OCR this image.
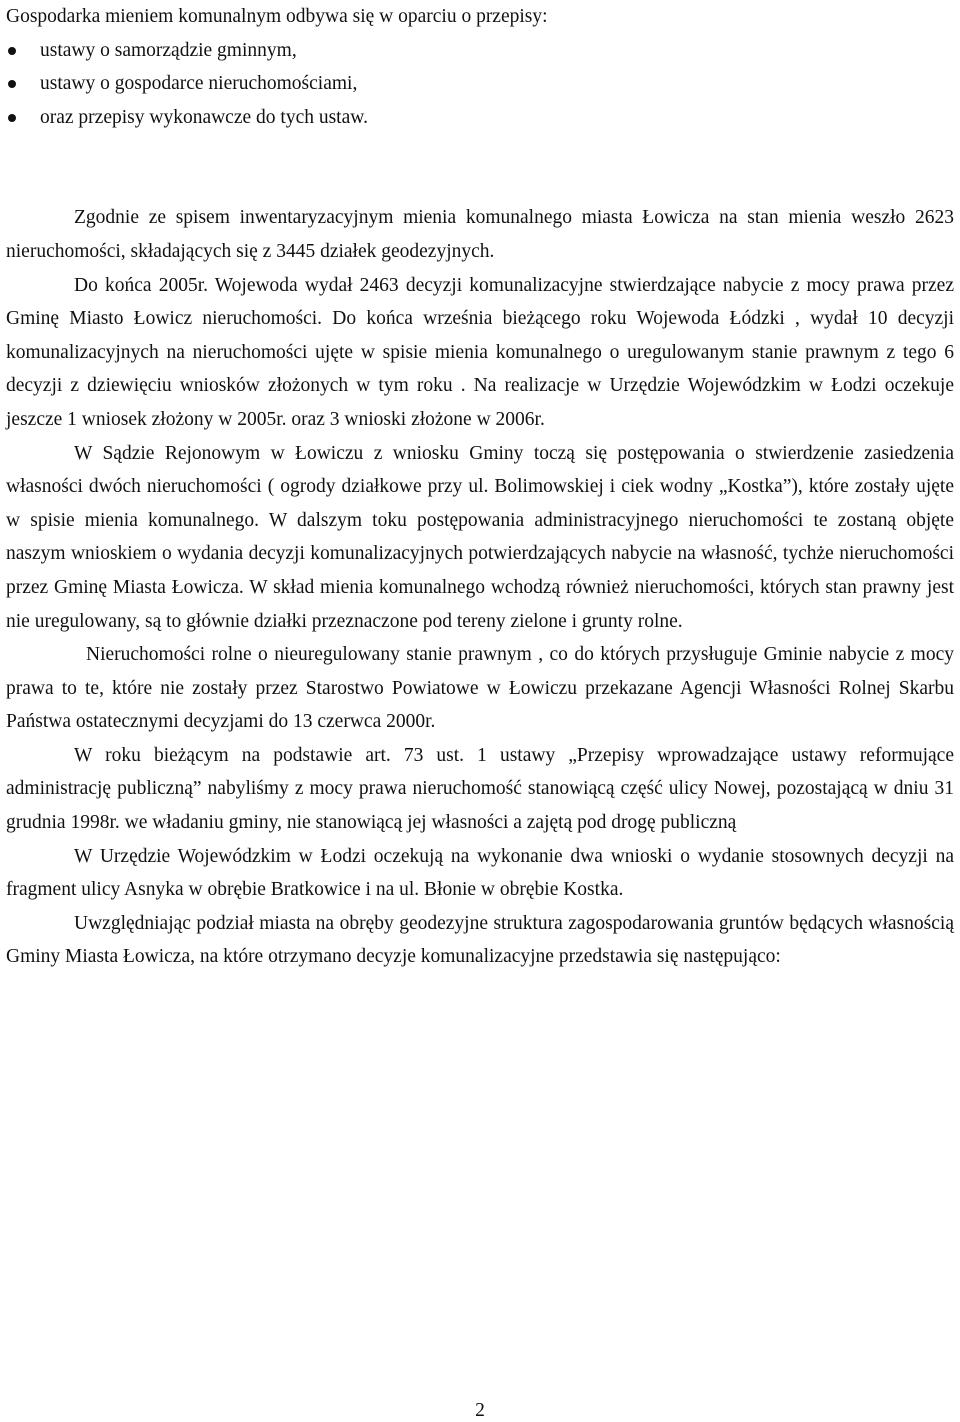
Gospodarka mieniem komunalnym odbywa się w oparciu o przepisy:

ustawy o samorządzie gminnym,
ustawy o gospodarce nieruchomościami,
oraz przepisy wykonawcze do tych ustaw.

Zgodnie ze spisem inwentaryzacyjnym mienia komunalnego miasta Łowicza na stan mienia weszło 2623 nieruchomości, składających się z 3445 działek geodezyjnych.

Do końca 2005r. Wojewoda wydał 2463 decyzji komunalizacyjne stwierdzające nabycie z mocy prawa przez Gminę Miasto Łowicz nieruchomości. Do końca września bieżącego roku Wojewoda Łódzki , wydał 10 decyzji komunalizacyjnych na nieruchomości ujęte w spisie mienia komunalnego o uregulowanym stanie prawnym z tego 6 decyzji z dziewięciu wniosków złożonych w tym roku . Na realizacje w Urzędzie Wojewódzkim w Łodzi oczekuje jeszcze 1 wniosek złożony w 2005r. oraz 3 wnioski złożone w 2006r.

W Sądzie Rejonowym w Łowiczu z wniosku Gminy toczą się postępowania o stwierdzenie zasiedzenia własności dwóch nieruchomości ( ogrody działkowe przy ul. Bolimowskiej i ciek wodny „Kostka”), które zostały ujęte w spisie mienia komunalnego. W dalszym toku postępowania administracyjnego nieruchomości te zostaną objęte naszym wnioskiem o wydania decyzji komunalizacyjnych potwierdzających nabycie na własność, tychże nieruchomości przez Gminę Miasta Łowicza. W skład mienia komunalnego wchodzą również nieruchomości, których stan prawny jest nie uregulowany, są to głównie działki przeznaczone pod tereny zielone i grunty rolne.

Nieruchomości rolne o nieuregulowany stanie prawnym , co do których przysługuje Gminie nabycie z mocy prawa to te, które nie zostały przez Starostwo Powiatowe w Łowiczu przekazane Agencji Własności Rolnej Skarbu Państwa ostatecznymi decyzjami do 13 czerwca 2000r.

W roku bieżącym na podstawie art. 73 ust. 1 ustawy „Przepisy wprowadzające ustawy reformujące administrację publiczną” nabyliśmy z mocy prawa nieruchomość stanowiącą część ulicy Nowej, pozostającą w dniu 31 grudnia 1998r. we władaniu gminy, nie stanowiącą jej własności a zajętą pod drogę publiczną

W Urzędzie Wojewódzkim w Łodzi oczekują na wykonanie dwa wnioski o wydanie stosownych decyzji na fragment ulicy Asnyka w obrębie Bratkowice i na ul. Błonie w obrębie Kostka.

Uwzględniając podział miasta na obręby geodezyjne struktura zagospodarowania gruntów będących własnością Gminy Miasta Łowicza, na które otrzymano decyzje komunalizacyjne przedstawia się następująco:

2
